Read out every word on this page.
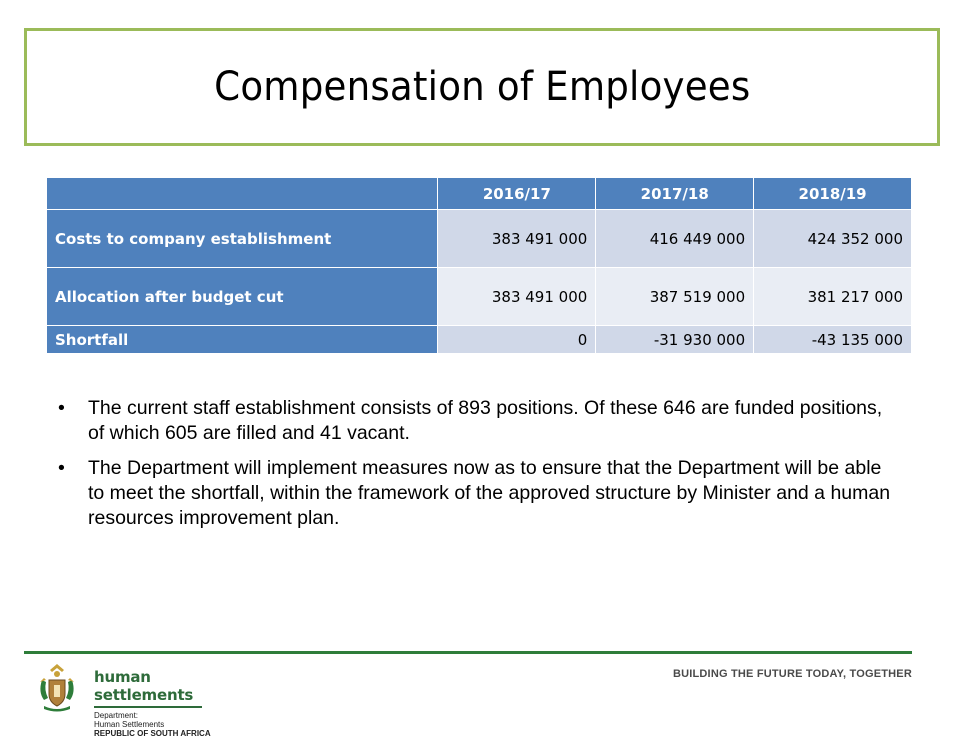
Compensation of Employees
	2016/17	2017/18	2018/19
Costs to company establishment	383 491 000	416 449 000	424 352 000
Allocation after budget cut	383 491 000	387 519 000	381 217 000
Shortfall	0	-31 930 000	-43 135 000
• The current staff establishment consists of 893 positions. Of these 646 are funded positions, of which 605 are filled and 41 vacant.
• The Department will implement measures now as to ensure that the Department will be able to meet the shortfall, within the framework of the approved structure by Minister and a human resources improvement plan.
human settlements
Department:
Human Settlements
REPUBLIC OF SOUTH AFRICA
BUILDING THE FUTURE TODAY, TOGETHER
